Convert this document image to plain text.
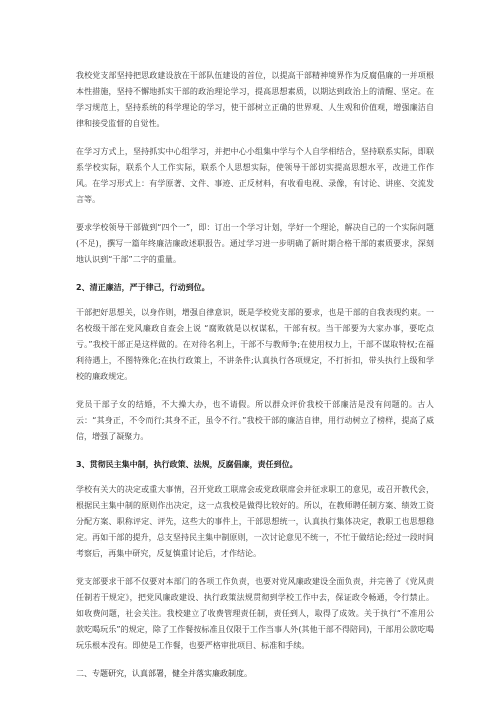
我校党支部坚持把思政建设放在干部队伍建设的首位，以提高干部精神境界作为反腐倡廉的一并项根本性措施，坚持不懈地抓实干部的政治理论学习，提高思想素质，以期达到政治上的清醒、坚定。在学习规范上，坚持系统的科学理论的学习，使干部树立正确的世界观、人生观和价值观，增强廉洁自律和接受监督的自觉性。

在学习方式上，坚持抓实中心组学习，并把中心小组集中学与个人自学相结合，坚持联系实际，即联系学校实际，联系个人工作实际，联系个人思想实际，使领导干部切实提高思想水平，改进工作作风。在学习形式上：有学原著、文件、事迹、正反材料，有收看电视、录像，有讨论、讲座、交流发言等。

要求学校领导干部做到“四个一”，即：订出一个学习计划，学好一个理论，解决自己的一个实际问题(不足)，撰写一篇年终廉洁廉政述职报告。通过学习进一步明确了新时期合格干部的素质要求，深刻地认识到“干部”二字的重量。

2、清正廉洁，严于律己，行动到位。

干部把好思想关，以身作则，增强自律意识，既是学校党支部的要求，也是干部的自我表现约束。一名校级干部在党风廉政自查会上说 “腐败就是以权谋私，干部有权。当干部要为大家办事，要吃点亏。”我校干部正是这样做的。在对待名利上，干部不与教师争;在使用权力上，干部不谋取特权;在福利待遇上，不图特殊化;在执行政策上，不讲条件;认真执行各项规定，不打折扣，带头执行上级和学校的廉政规定。

党员干部子女的结婚，不大操大办，也不请假。所以群众评价我校干部廉洁是没有问题的。古人云：“其身正，不令而行;其身不正，虽令不行。”我校干部的廉洁自律，用行动树立了榜样，提高了威信，增强了凝聚力。

3、贯彻民主集中制，执行政策、法规，反腐倡廉，责任到位。

学校有关大的决定或重大事情，召开党政工联席会或党政联席会并征求职工的意见，或召开教代会，根据民主集中制的原则作出决定，这一点我校是做得比较好的。所以，在教师聘任制方案、绩效工资分配方案、职称评定、评先，这些大的事件上，干部思想统一，认真执行集体决定，教职工也思想稳定。再如干部的提升，总支坚持民主集中制原则，一次讨论意见不统一，不忙于做结论;经过一段时间考察后，再集中研究，反复慎重讨论后，才作结论。

党支部要求干部不仅要对本部门的各项工作负责，也要对党风廉政建设全面负责，并完善了《党风责任制若干规定》，把党风廉政建设、执行政策法规贯彻到学校工作中去，保证政令畅通，令行禁止。如收费问题，社会关注。我校建立了收费管理责任制，责任到人，取得了成效。关于执行“不准用公款吃喝玩乐”的规定，除了工作餐按标准且仅限于工作当事人外(其他干部不得陪同)，干部用公款吃喝玩乐根本没有。即使是工作餐，也要严格审批项目、标准和手续。

二、专题研究，认真部署，健全并落实廉政制度。
